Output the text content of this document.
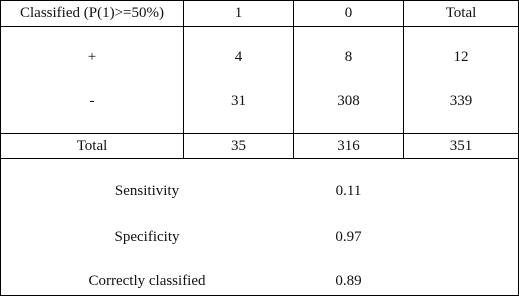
Classified (P(1)>=50%)	1	0	Total
+	4	8	12
-	31	308	339
Total	35	316	351
Sensitivity	0.11
Specificity	0.97
Correctly classified	0.89
